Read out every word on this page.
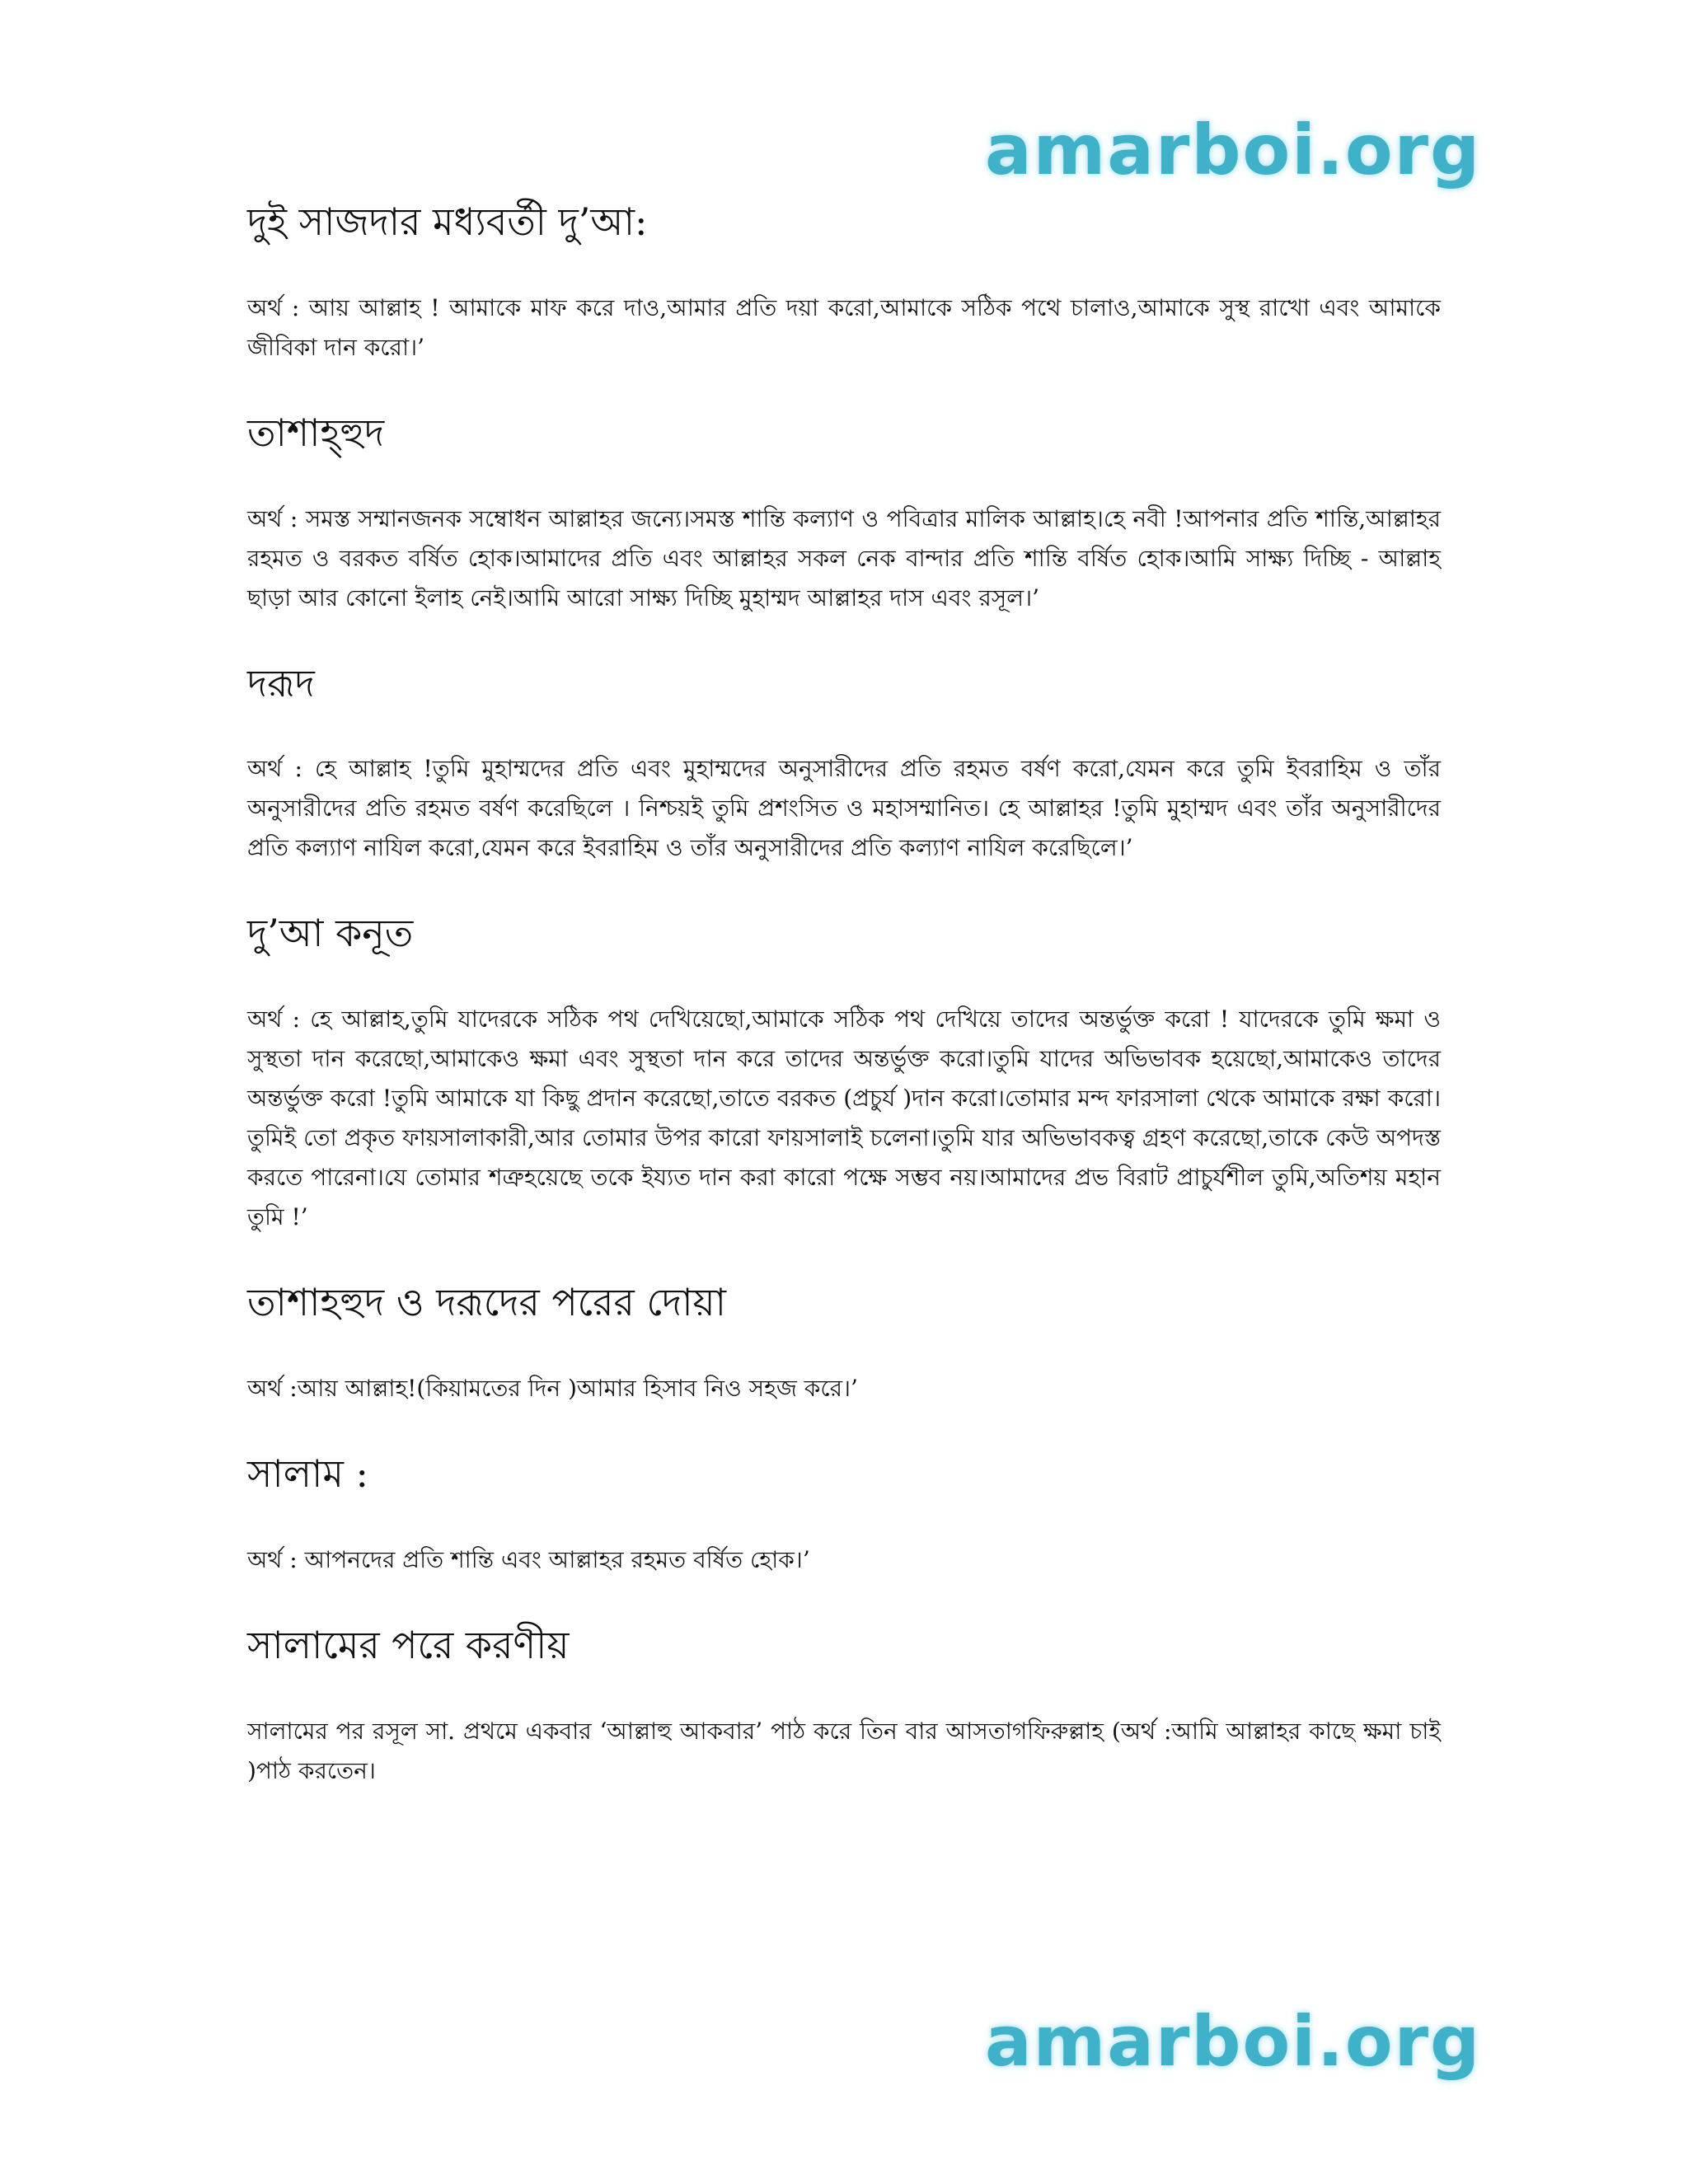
amarboi.org
দুই সাজদার মধ্যবর্তী দু’আ:

অর্থ : আয় আল্লাহ ! আমাকে মাফ করে দাও,আমার প্রতি দয়া করো,আমাকে সঠিক পথে চালাও,আমাকে সুস্থ রাখো এবং আমাকে জীবিকা দান করো।’

তাশাহ্হুদ

অর্থ : সমস্ত সম্মানজনক সম্বোধন আল্লাহর জন্যে।সমস্ত শান্তি কল্যাণ ও পবিত্রার মালিক আল্লাহ।হে নবী !আপনার প্রতি শান্তি,আল্লাহর রহমত ও বরকত বর্ষিত হোক।আমাদের প্রতি এবং আল্লাহর সকল নেক বান্দার প্রতি শান্তি বর্ষিত হোক।আমি সাক্ষ্য দিচ্ছি - আল্লাহ ছাড়া আর কোনো ইলাহ নেই।আমি আরো সাক্ষ্য দিচ্ছি মুহাম্মদ আল্লাহর দাস এবং রসূল।’

দরূদ

অর্থ : হে আল্লাহ !তুমি মুহাম্মদের প্রতি এবং মুহাম্মদের অনুসারীদের প্রতি রহমত বর্ষণ করো,যেমন করে তুমি ইবরাহিম ও তাঁর অনুসারীদের প্রতি রহমত বর্ষণ করেছিলে । নিশ্চয়ই তুমি প্রশংসিত ও মহাসম্মানিত। হে আল্লাহর !তুমি মুহাম্মদ এবং তাঁর অনুসারীদের প্রতি কল্যাণ নাযিল করো,যেমন করে ইবরাহিম ও তাঁর অনুসারীদের প্রতি কল্যাণ নাযিল করেছিলে।’

দু’আ কনূত

অর্থ : হে আল্লাহ,তুমি যাদেরকে সঠিক পথ দেখিয়েছো,আমাকে সঠিক পথ দেখিয়ে তাদের অন্তর্ভুক্ত করো ! যাদেরকে তুমি ক্ষমা ও সুস্থতা দান করেছো,আমাকেও ক্ষমা এবং সুস্থতা দান করে তাদের অন্তর্ভুক্ত করো।তুমি যাদের অভিভাবক হয়েছো,আমাকেও তাদের অন্তর্ভুক্ত করো !তুমি আমাকে যা কিছু প্রদান করেছো,তাতে বরকত (প্রচুর্য )দান করো।তোমার মন্দ ফারসালা থেকে আমাকে রক্ষা করো। তুমিই তো প্রকৃত ফায়সালাকারী,আর তোমার উপর কারো ফায়সালাই চলেনা।তুমি যার অভিভাবকত্ব গ্রহণ করেছো,তাকে কেউ অপদস্ত করতে পারেনা।যে তোমার শত্রুহয়েছে তকে ইয্যত দান করা কারো পক্ষে সম্ভব নয়।আমাদের প্রভ বিরাট প্রাচুর্যশীল তুমি,অতিশয় মহান তুমি !’

তাশাহহুদ ও দরূদের পরের দোয়া

অর্থ :আয় আল্লাহ!(কিয়ামতের দিন )আমার হিসাব নিও সহজ করে।’

সালাম :

অর্থ : আপনদের প্রতি শান্তি এবং আল্লাহর রহমত বর্ষিত হোক।’

সালামের পরে করণীয়

সালামের পর রসূল সা. প্রথমে একবার ‘আল্লাহু আকবার’ পাঠ করে তিন বার আসতাগফিরুল্লাহ (অর্থ :আমি আল্লাহর কাছে ক্ষমা চাই )পাঠ করতেন।

amarboi.org
